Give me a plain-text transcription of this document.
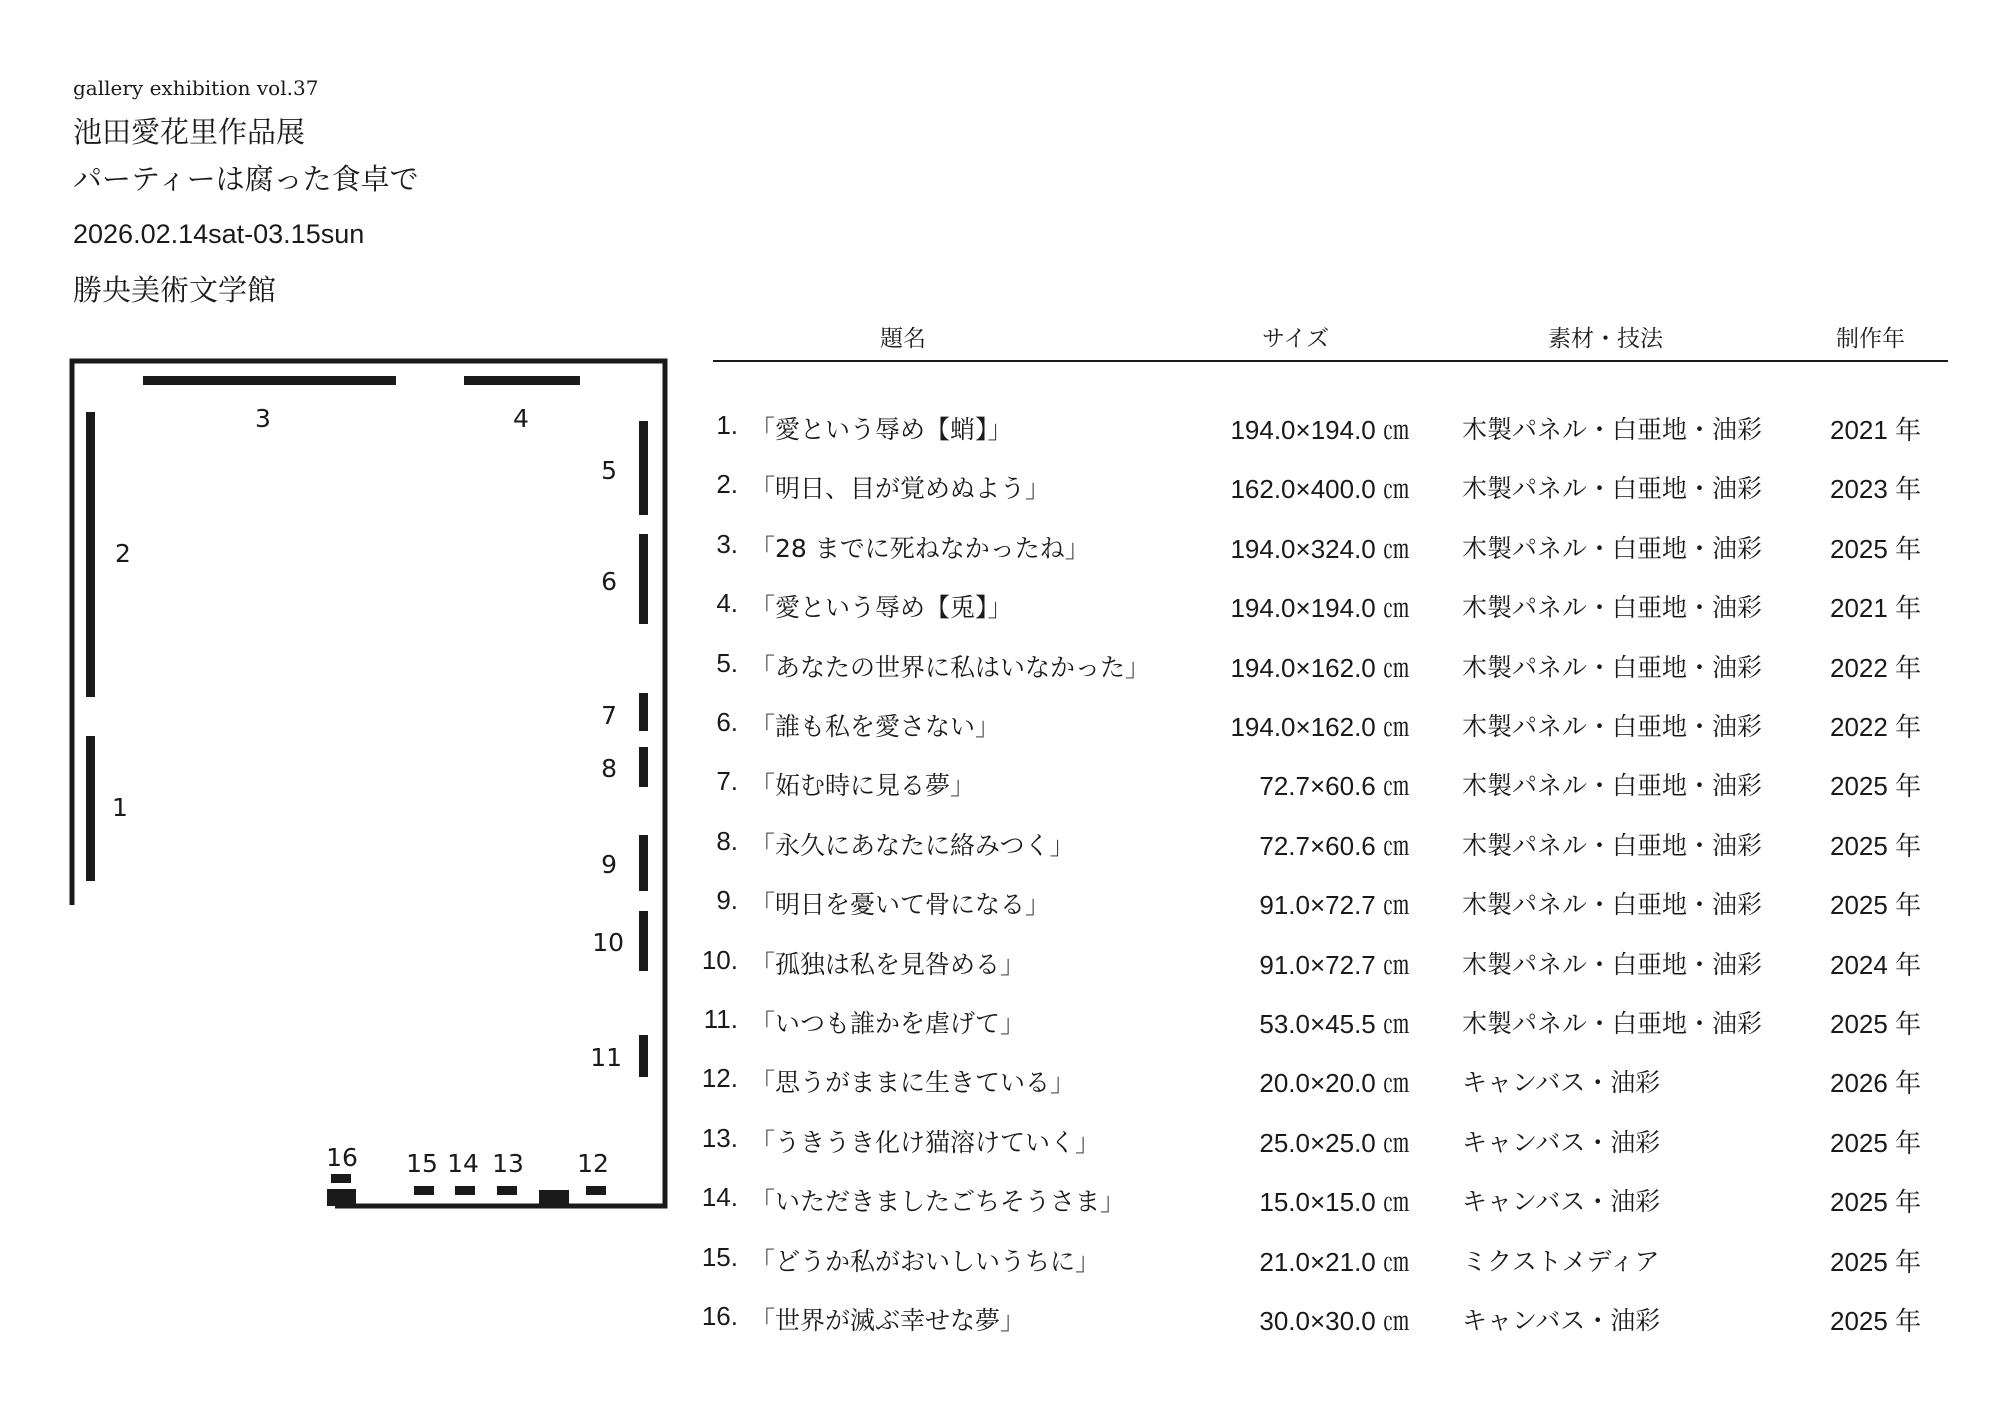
gallery exhibition vol.37
池田愛花里作品展
パーティーは腐った食卓で
2026.02.14sat-03.15sun
勝央美術文学館
1
2
3	4
5
6
7
8
9
10
11
12
13
14
15
16
題名	サイズ	素材・技法	制作年
1. 「愛という辱め【蛸】」	194.0×194.0 ㎝ 木製パネル・白亜地・油彩	2021 年
2. 「明日、目が覚めぬよう」	162.0×400.0 ㎝ 木製パネル・白亜地・油彩	2023 年
3. 「28 までに死ねなかったね」	194.0×324.0 ㎝ 木製パネル・白亜地・油彩	2025 年
4. 「愛という辱め【兎】」	194.0×194.0 ㎝ 木製パネル・白亜地・油彩	2021 年
5. 「あなたの世界に私はいなかった」	194.0×162.0 ㎝ 木製パネル・白亜地・油彩	2022 年
6. 「誰も私を愛さない」	194.0×162.0 ㎝ 木製パネル・白亜地・油彩	2022 年
7. 「妬む時に見る夢」	72.7×60.6 ㎝ 木製パネル・白亜地・油彩	2025 年
8. 「永久にあなたに絡みつく」	72.7×60.6 ㎝ 木製パネル・白亜地・油彩	2025 年
9. 「明日を憂いて骨になる」	91.0×72.7 ㎝ 木製パネル・白亜地・油彩	2025 年
10. 「孤独は私を見咎める」	91.0×72.7 ㎝ 木製パネル・白亜地・油彩	2024 年
11. 「いつも誰かを虐げて」	53.0×45.5 ㎝ 木製パネル・白亜地・油彩	2025 年
12. 「思うがままに生きている」	20.0×20.0 ㎝ キャンバス・油彩	2026 年
13. 「うきうき化け猫溶けていく」	25.0×25.0 ㎝ キャンバス・油彩	2025 年
14. 「いただきましたごちそうさま」	15.0×15.0 ㎝ キャンバス・油彩	2025 年
15. 「どうか私がおいしいうちに」	21.0×21.0 ㎝ ミクストメディア	2025 年
16. 「世界が滅ぶ幸せな夢」	30.0×30.0 ㎝ キャンバス・油彩	2025 年
